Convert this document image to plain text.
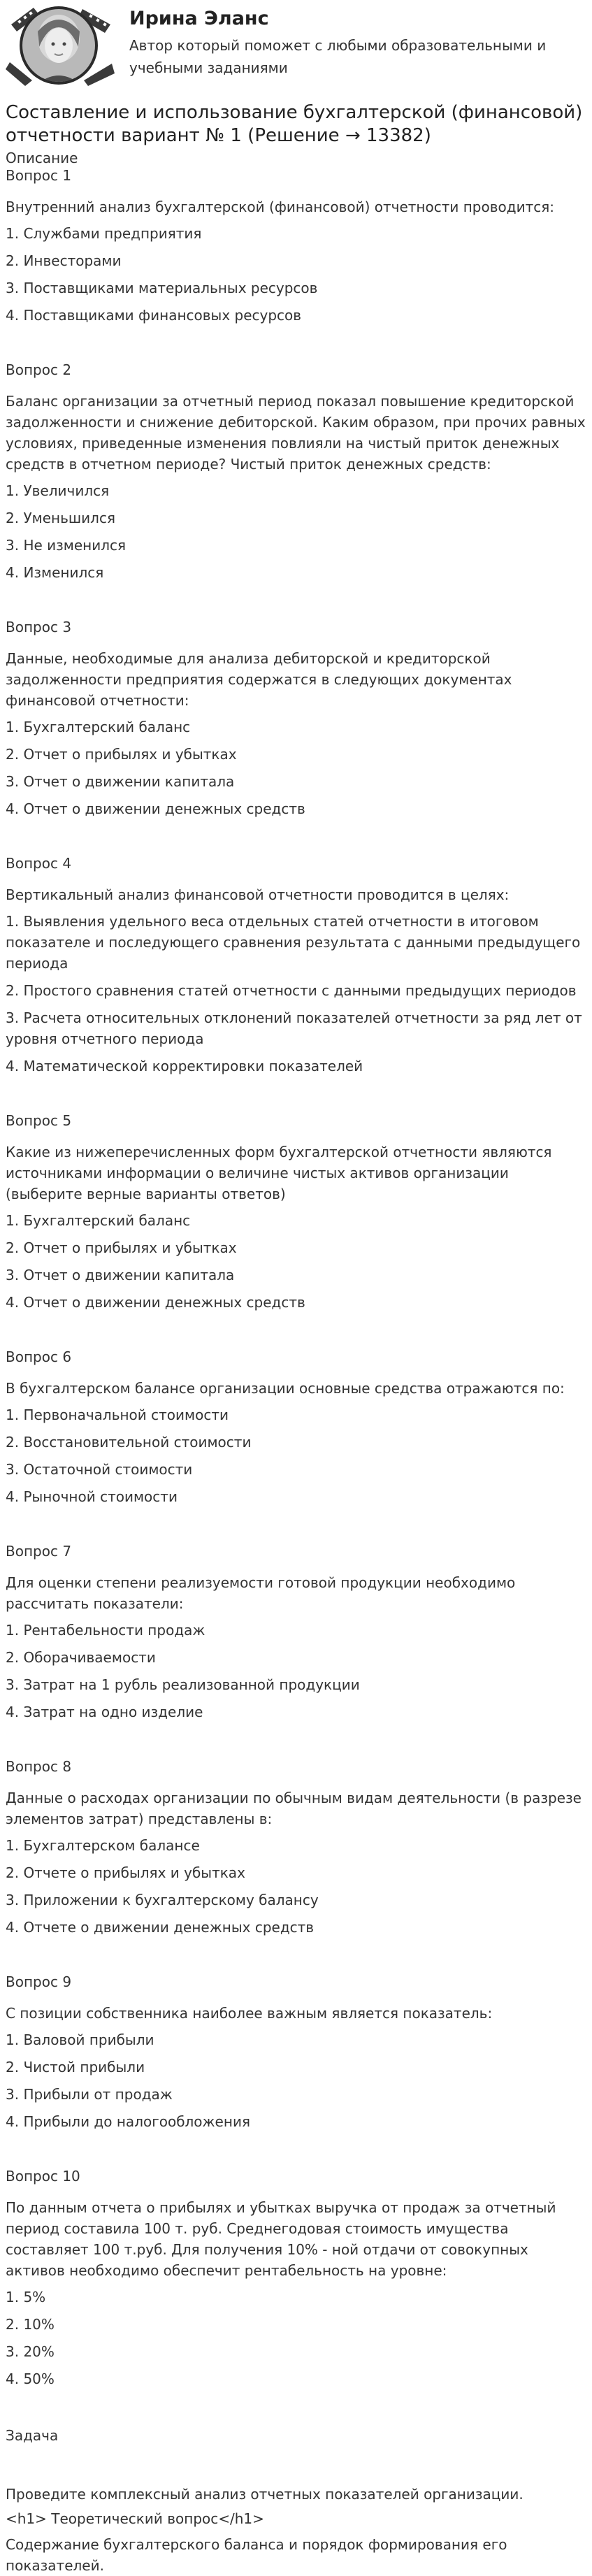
Ирина Эланс
Автор который поможет с любыми образовательными и учебными заданиями
Составление и использование бухгалтерской (финансовой) отчетности вариант № 1 (Решение → 13382)
Описание
Вопрос 1
Внутренний анализ бухгалтерской (финансовой) отчетности проводится:
1. Службами предприятия
2. Инвесторами
3. Поставщиками материальных ресурсов
4. Поставщиками финансовых ресурсов
Вопрос 2
Баланс организации за отчетный период показал повышение кредиторской задолженности и снижение дебиторской. Каким образом, при прочих равных условиях, приведенные изменения повлияли на чистый приток денежных средств в отчетном периоде? Чистый приток денежных средств:
1. Увеличился
2. Уменьшился
3. Не изменился
4. Изменился
Вопрос 3
Данные, необходимые для анализа дебиторской и кредиторской задолженности предприятия содержатся в следующих документах финансовой отчетности:
1. Бухгалтерский баланс
2. Отчет о прибылях и убытках
3. Отчет о движении капитала
4. Отчет о движении денежных средств
Вопрос 4
Вертикальный анализ финансовой отчетности проводится в целях:
1. Выявления удельного веса отдельных статей отчетности в итоговом показателе и последующего сравнения результата с данными предыдущего периода
2. Простого сравнения статей отчетности с данными предыдущих периодов
3. Расчета относительных отклонений показателей отчетности за ряд лет от уровня отчетного периода
4. Математической корректировки показателей
Вопрос 5
Какие из нижеперечисленных форм бухгалтерской отчетности являются источниками информации о величине чистых активов организации (выберите верные варианты ответов)
1. Бухгалтерский баланс
2. Отчет о прибылях и убытках
3. Отчет о движении капитала
4. Отчет о движении денежных средств
Вопрос 6
В бухгалтерском балансе организации основные средства отражаются по:
1. Первоначальной стоимости
2. Восстановительной стоимости
3. Остаточной стоимости
4. Рыночной стоимости
Вопрос 7
Для оценки степени реализуемости готовой продукции необходимо рассчитать показатели:
1. Рентабельности продаж
2. Оборачиваемости
3. Затрат на 1 рубль реализованной продукции
4. Затрат на одно изделие
Вопрос 8
Данные о расходах организации по обычным видам деятельности (в разрезе элементов затрат) представлены в:
1. Бухгалтерском балансе
2. Отчете о прибылях и убытках
3. Приложении к бухгалтерскому балансу
4. Отчете о движении денежных средств
Вопрос 9
С позиции собственника наиболее важным является показатель:
1. Валовой прибыли
2. Чистой прибыли
3. Прибыли от продаж
4. Прибыли до налогообложения
Вопрос 10
По данным отчета о прибылях и убытках выручка от продаж за отчетный период составила 100 т. руб. Среднегодовая стоимость имущества составляет 100 т.руб. Для получения 10% - ной отдачи от совокупных активов необходимо обеспечит рентабельность на уровне:
1. 5%
2. 10%
3. 20%
4. 50%
Задача
Проведите комплексный анализ отчетных показателей организации.
<h1> Теоретический вопрос</h1>
Содержание бухгалтерского баланса и порядок формирования его показателей.
